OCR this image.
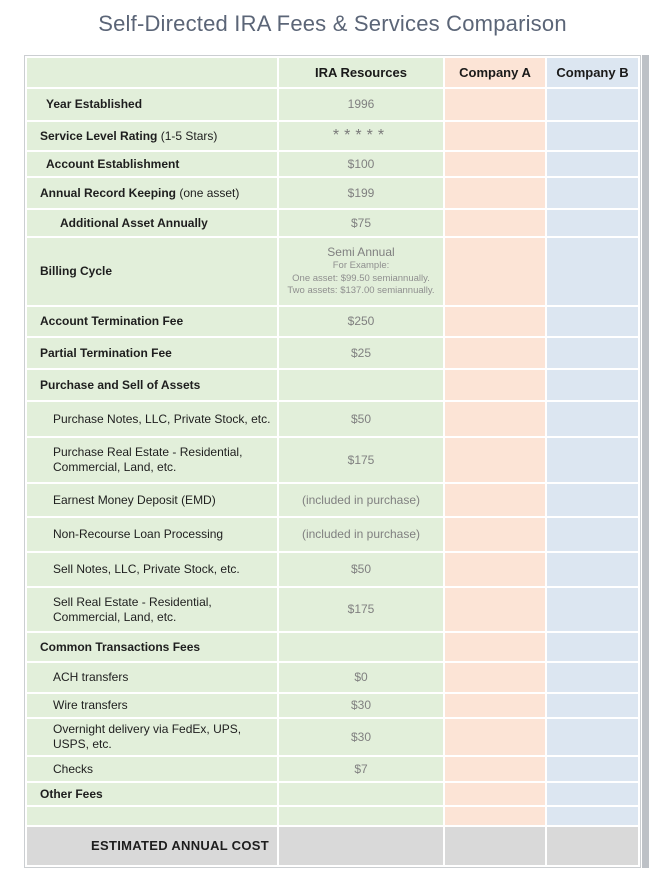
Self-Directed IRA Fees & Services Comparison
	IRA Resources	Company A	Company B
Year Established	1996		

Service Level Rating (1-5 Stars)	*****		

Account Establishment	$100		

Annual Record Keeping (one asset)	$199		

Additional Asset Annually	$75		

Billing Cycle	Semi Annual
For Example:
One asset: $99.50 semiannually.
Two assets: $137.00 semiannually.		

Account Termination Fee	$250		

Partial Termination Fee	$25		

Purchase and Sell of Assets			
Purchase Notes, LLC, Private Stock, etc.	$50		

Purchase Real Estate - Residential, Commercial, Land, etc.	$175		

Earnest Money Deposit (EMD)	(included in purchase)		

Non-Recourse Loan Processing	(included in purchase)		

Sell Notes, LLC, Private Stock, etc.	$50		

Sell Real Estate - Residential, Commercial, Land, etc.	$175		

Common Transactions Fees			
ACH transfers	$0		

Wire transfers	$30		

Overnight delivery via FedEx, UPS, USPS, etc.	$30		

Checks	$7		

Other Fees			

ESTIMATED ANNUAL COST			
